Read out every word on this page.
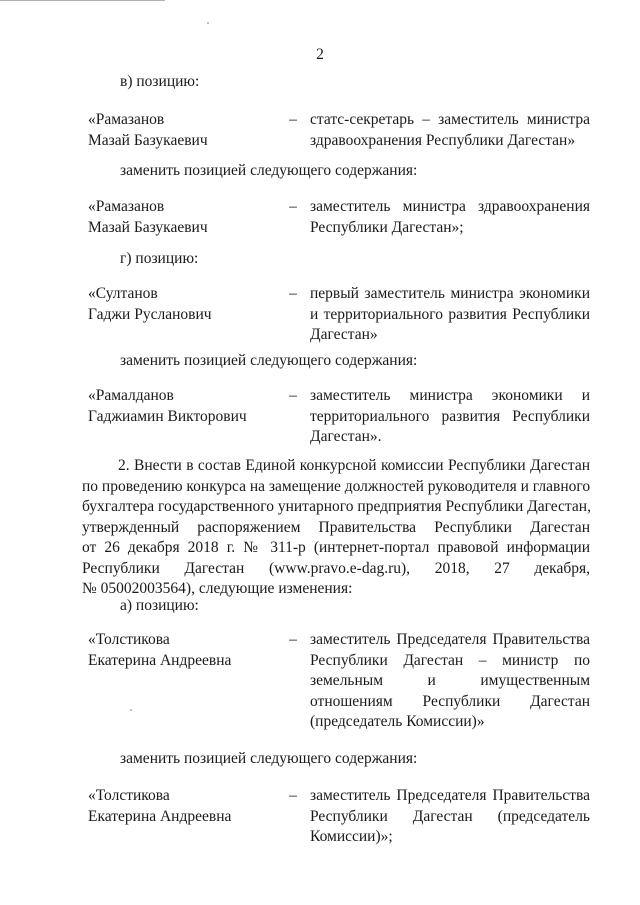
2
в) позицию:
«Рамазанов
Мазай Базукаевич
– статс-секретарь – заместитель министра
здравоохранения Республики Дагестан»
заменить позицией следующего содержания:
«Рамазанов
Мазай Базукаевич
– заместитель министра здравоохранения
Республики Дагестан»;
г) позицию:
«Султанов
Гаджи Русланович
– первый заместитель министра экономики
и территориального развития Республики
Дагестан»
заменить позицией следующего содержания:
«Рамалданов
Гаджиамин Викторович
– заместитель министра экономики и
территориального развития Республики
Дагестан».
2. Внести в состав Единой конкурсной комиссии Республики Дагестан
по проведению конкурса на замещение должностей руководителя и главного
бухгалтера государственного унитарного предприятия Республики Дагестан,
утвержденный распоряжением Правительства Республики Дагестан
от 26 декабря 2018 г. № 311-р (интернет-портал правовой информации
Республики Дагестан (www.pravo.e-dag.ru), 2018, 27 декабря,
№ 05002003564), следующие изменения:
а) позицию:
«Толстикова
Екатерина Андреевна
– заместитель Председателя Правительства
Республики Дагестан – министр по
земельным и имущественным
отношениям Республики Дагестан
(председатель Комиссии)»
заменить позицией следующего содержания:
«Толстикова
Екатерина Андреевна
– заместитель Председателя Правительства
Республики Дагестан (председатель
Комиссии)»;
